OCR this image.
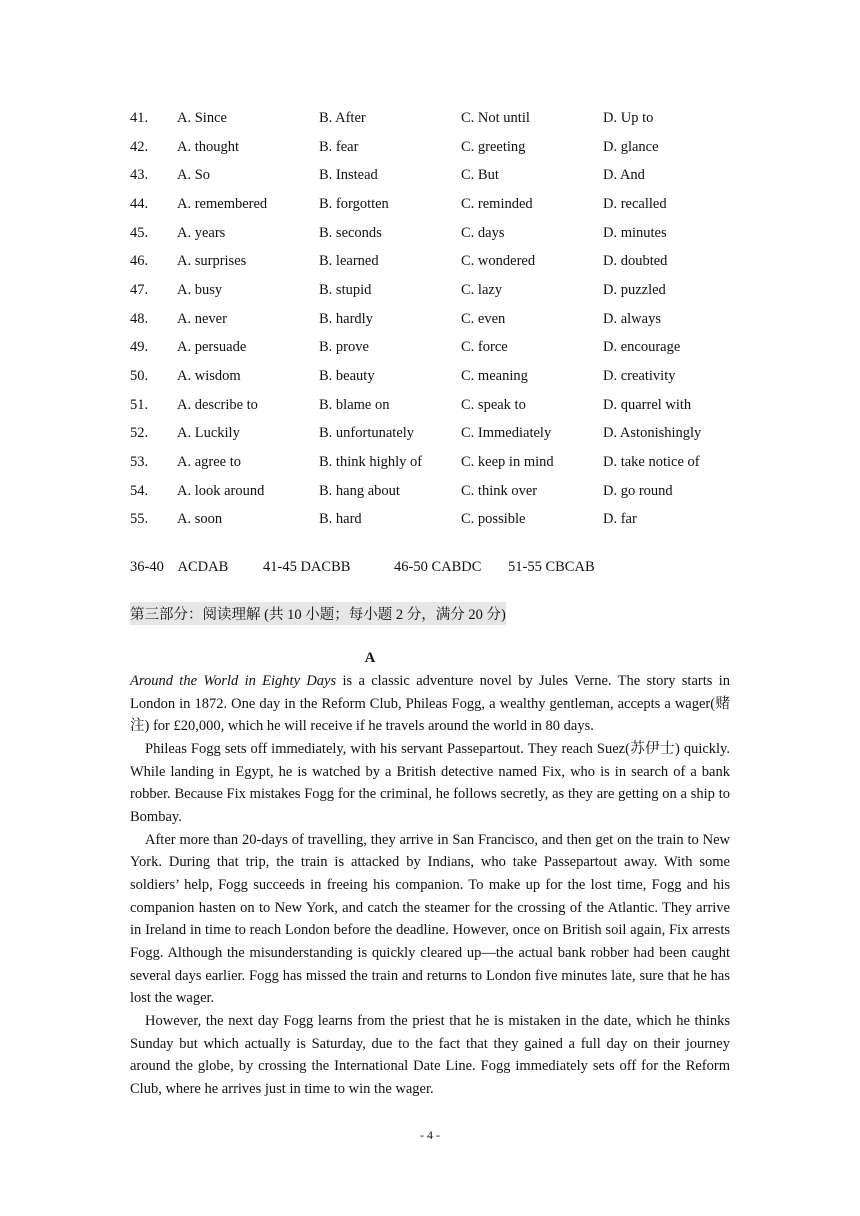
41.	A. Since	B. After	C. Not until	D. Up to
42.	A. thought	B. fear	C. greeting	D. glance
43.	A. So	B. Instead	C. But	D. And
44.	A. remembered	B. forgotten	C. reminded	D. recalled
45.	A. years	B. seconds	C. days	D. minutes
46.	A. surprises	B. learned	C. wondered	D. doubted
47.	A. busy	B. stupid	C. lazy	D. puzzled
48.	A. never	B. hardly	C. even	D. always
49.	A. persuade	B. prove	C. force	D. encourage
50.	A. wisdom	B. beauty	C. meaning	D. creativity
51.	A. describe to	B. blame on	C. speak to	D. quarrel with
52.	A. Luckily	B. unfortunately	C. Immediately	D. Astonishingly
53.	A. agree to	B. think highly of	C. keep in mind	D. take notice of
54.	A. look around	B. hang about	C. think over	D. go round
55.	A. soon	B. hard	C. possible	D. far
36-40    ACDAB 41-45 DACBB	46-50 CABDC 51-55 CBCAB
第三部分：阅读理解 (共 10 小题；每小题 2 分，满分 20 分)
A

Around the World in Eighty Days is a classic adventure novel by Jules Verne. The story starts in London in 1872. One day in the Reform Club, Phileas Fogg, a wealthy gentleman, accepts a wager(赌注) for £20,000, which he will receive if he travels around the world in 80 days.

Phileas Fogg sets off immediately, with his servant Passepartout. They reach Suez(苏伊士) quickly. While landing in Egypt, he is watched by a British detective named Fix, who is in search of a bank robber. Because Fix mistakes Fogg for the criminal, he follows secretly, as they are getting on a ship to Bombay.

After more than 20-days of travelling, they arrive in San Francisco, and then get on the train to New York. During that trip, the train is attacked by Indians, who take Passepartout away. With some soldiers’ help, Fogg succeeds in freeing his companion. To make up for the lost time, Fogg and his companion hasten on to New York, and catch the steamer for the crossing of the Atlantic. They arrive in Ireland in time to reach London before the deadline. However, once on British soil again, Fix arrests Fogg. Although the misunderstanding is quickly cleared up—the actual bank robber had been caught several days earlier. Fogg has missed the train and returns to London five minutes late, sure that he has lost the wager.

However, the next day Fogg learns from the priest that he is mistaken in the date, which he thinks Sunday but which actually is Saturday, due to the fact that they gained a full day on their journey around the globe, by crossing the International Date Line. Fogg immediately sets off for the Reform Club, where he arrives just in time to win the wager.

- 4 -
